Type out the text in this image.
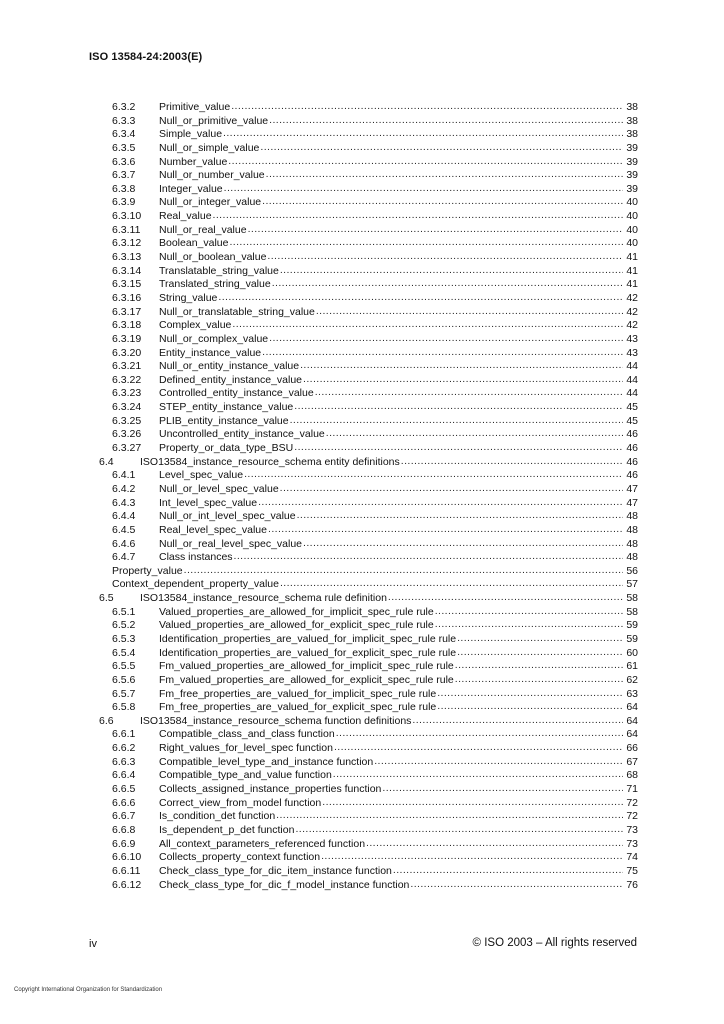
ISO 13584-24:2003(E)
6.3.2	Primitive_value .....	38
6.3.3	Null_or_primitive_value .....	38
6.3.4	Simple_value .....	38
6.3.5	Null_or_simple_value .....	39
6.3.6	Number_value .....	39
6.3.7	Null_or_number_value .....	39
6.3.8	Integer_value .....	39
6.3.9	Null_or_integer_value .....	40
6.3.10	Real_value .....	40
6.3.11	Null_or_real_value .....	40
6.3.12	Boolean_value .....	40
6.3.13	Null_or_boolean_value .....	41
6.3.14	Translatable_string_value .....	41
6.3.15	Translated_string_value .....	41
6.3.16	String_value .....	42
6.3.17	Null_or_translatable_string_value .....	42
6.3.18	Complex_value .....	42
6.3.19	Null_or_complex_value .....	43
6.3.20	Entity_instance_value .....	43
6.3.21	Null_or_entity_instance_value .....	44
6.3.22	Defined_entity_instance_value .....	44
6.3.23	Controlled_entity_instance_value .....	44
6.3.24	STEP_entity_instance_value .....	45
6.3.25	PLIB_entity_instance_value .....	45
6.3.26	Uncontrolled_entity_instance_value .....	46
6.3.27	Property_or_data_type_BSU .....	46
6.4	ISO13584_instance_resource_schema entity definitions .....	46
6.4.1	Level_spec_value .....	46
6.4.2	Null_or_level_spec_value .....	47
6.4.3	Int_level_spec_value .....	47
6.4.4	Null_or_int_level_spec_value .....	48
6.4.5	Real_level_spec_value .....	48
6.4.6	Null_or_real_level_spec_value .....	48
6.4.7	Class instances .....	48
Property_value .....	56
Context_dependent_property_value .....	57
6.5	ISO13584_instance_resource_schema rule definition .....	58
6.5.1	Valued_properties_are_allowed_for_implicit_spec_rule rule .....	58
6.5.2	Valued_properties_are_allowed_for_explicit_spec_rule rule .....	59
6.5.3	Identification_properties_are_valued_for_implicit_spec_rule rule .....	59
6.5.4	Identification_properties_are_valued_for_explicit_spec_rule rule .....	60
6.5.5	Fm_valued_properties_are_allowed_for_implicit_spec_rule rule .....	61
6.5.6	Fm_valued_properties_are_allowed_for_explicit_spec_rule rule .....	62
6.5.7	Fm_free_properties_are_valued_for_implicit_spec_rule rule .....	63
6.5.8	Fm_free_properties_are_valued_for_explicit_spec_rule rule .....	64
6.6	ISO13584_instance_resource_schema function definitions .....	64
6.6.1	Compatible_class_and_class function .....	64
6.6.2	Right_values_for_level_spec function .....	66
6.6.3	Compatible_level_type_and_instance function .....	67
6.6.4	Compatible_type_and_value function .....	68
6.6.5	Collects_assigned_instance_properties function .....	71
6.6.6	Correct_view_from_model function .....	72
6.6.7	Is_condition_det function .....	72
6.6.8	Is_dependent_p_det function .....	73
6.6.9	All_context_parameters_referenced function .....	73
6.6.10	Collects_property_context function .....	74
6.6.11	Check_class_type_for_dic_item_instance function .....	75
6.6.12	Check_class_type_for_dic_f_model_instance function .....	76
iv	© ISO 2003 – All rights reserved
Copyright International Organization for Standardization
